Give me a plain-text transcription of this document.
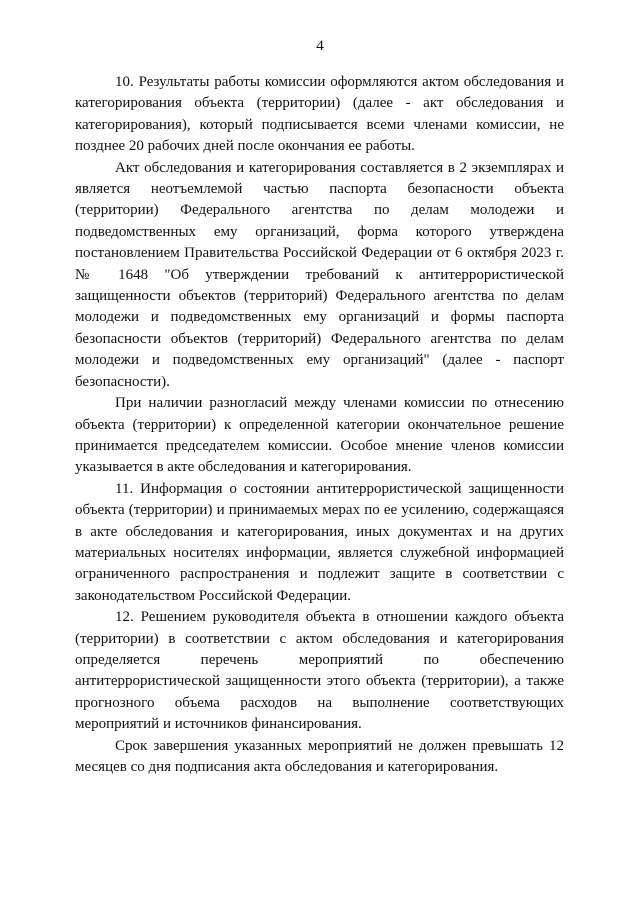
4

10. Результаты работы комиссии оформляются актом обследования и категорирования объекта (территории) (далее - акт обследования и категорирования), который подписывается всеми членами комиссии, не позднее 20 рабочих дней после окончания ее работы.

Акт обследования и категорирования составляется в 2 экземплярах и является неотъемлемой частью паспорта безопасности объекта (территории) Федерального агентства по делам молодежи и подведомственных ему организаций, форма которого утверждена постановлением Правительства Российской Федерации от 6 октября 2023 г. № 1648 "Об утверждении требований к антитеррористической защищенности объектов (территорий) Федерального агентства по делам молодежи и подведомственных ему организаций и формы паспорта безопасности объектов (территорий) Федерального агентства по делам молодежи и подведомственных ему организаций" (далее - паспорт безопасности).

При наличии разногласий между членами комиссии по отнесению объекта (территории) к определенной категории окончательное решение принимается председателем комиссии. Особое мнение членов комиссии указывается в акте обследования и категорирования.

11. Информация о состоянии антитеррористической защищенности объекта (территории) и принимаемых мерах по ее усилению, содержащаяся в акте обследования и категорирования, иных документах и на других материальных носителях информации, является служебной информацией ограниченного распространения и подлежит защите в соответствии с законодательством Российской Федерации.

12. Решением руководителя объекта в отношении каждого объекта (территории) в соответствии с актом обследования и категорирования определяется перечень мероприятий по обеспечению антитеррористической защищенности этого объекта (территории), а также прогнозного объема расходов на выполнение соответствующих мероприятий и источников финансирования.

Срок завершения указанных мероприятий не должен превышать 12 месяцев со дня подписания акта обследования и категорирования.
